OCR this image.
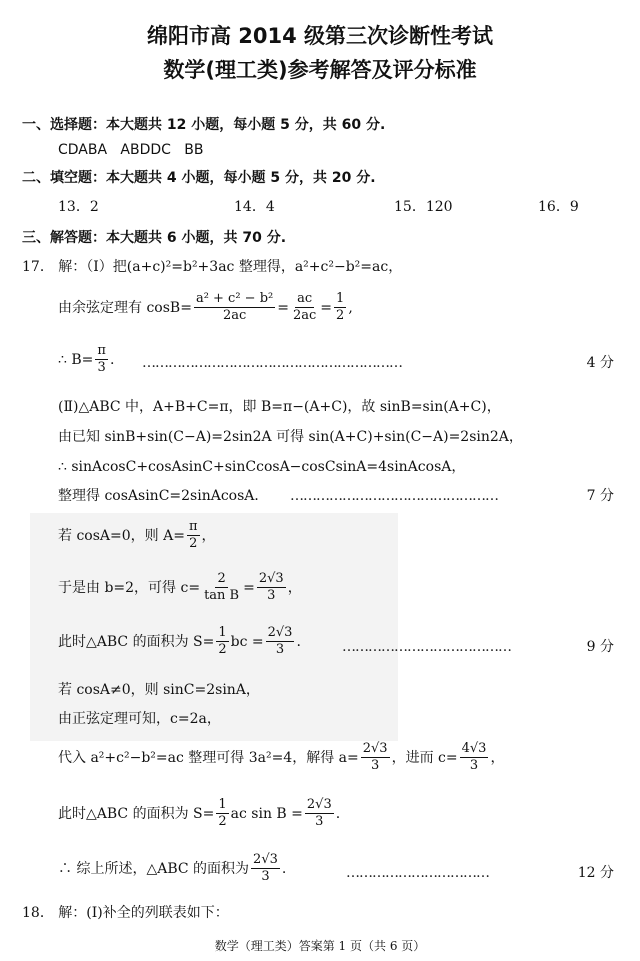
绵阳市高 2014 级第三次诊断性考试
数学(理工类)参考解答及评分标准
一、选择题：本大题共 12 小题，每小题 5 分，共 60 分.
CDABA   ABDDC   BB
二、填空题：本大题共 4 小题，每小题 5 分，共 20 分.
13．2	14．4	15．120	16．9
三、解答题：本大题共 6 小题，共 70 分.
17． 解：（Ⅰ）把(a+c)²=b²+3ac 整理得，a²+c²−b²=ac，
由余弦定理有 $\cos B= \frac{\text{a² + c² − b²}}{2ac} = \frac{ac}{2ac} = \frac{1}{2}$ ,
∴ $B= \frac{\pi}{3}$ . ……………………………………………………	4 分
(Ⅱ)△ABC 中，A+B+C=π，即 B=π−(A+C)，故 sinB=sin(A+C)，
由已知 sinB+sin(C−A)=2sin2A 可得 sin(A+C)+sin(C−A)=2sin2A，
∴ sinAcosC+cosAsinC+sinCcosA−cosCsinA=4sinAcosA，
整理得 cosAsinC=2sinAcosA． …………………………………………	7 分
若 cosA=0，则 $A= \frac{\pi}{2}$ ，
于是由 b=2，可得 $c= \frac{2}{\text{tan B}} = \frac{2√3}{3}$ ，
此时△ABC 的面积为 $S= \frac{1}{2}$ bc = $\frac{2√3}{3}$ .	…………………………………	9 分
若 cosA≠0，则 sinC=2sinA，
由正弦定理可知，c=2a，
代入 a²+c²−b²=ac 整理可得 3a²=4，解得 $a= \frac{2√3}{3}$ ，进而 $c= \frac{4√3}{3}$ ，
此时△ABC 的面积为 $S= \frac{1}{2}$ ac $\sin B = \frac{2√3}{3}$ .
∴ 综上所述，△ABC 的面积为 $\frac{2√3}{3}$ .	……………………………	12 分
18． 解：(Ⅰ)补全的列联表如下：
数学（理工类）答案第 1 页（共 6 页）
